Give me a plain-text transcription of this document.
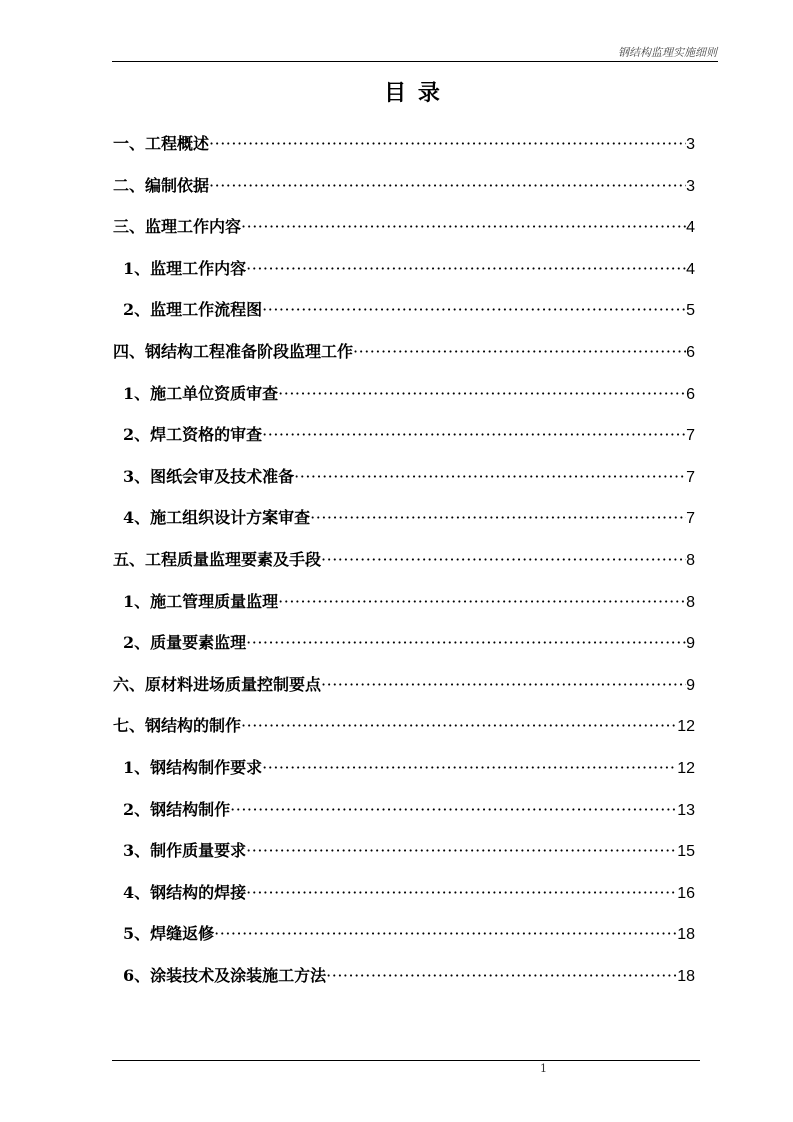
钢结构监理实施细则
目 录
一、工程概述 ·····	3
二、编制依据 ·····	3
三、监理工作内容 ·····	4
1、监理工作内容 ·····	4
2、监理工作流程图 ·····	5
四、钢结构工程准备阶段监理工作 ·····	6
1、施工单位资质审查 ·····	6
2、焊工资格的审查 ·····	7
3、图纸会审及技术准备 ·····	7
4、施工组织设计方案审查 ·····	7
五、工程质量监理要素及手段 ·····	8
1、施工管理质量监理 ·····	8
2、质量要素监理 ·····	9
六、原材料进场质量控制要点 ·····	9
七、钢结构的制作 ·····	12
1、钢结构制作要求 ·····	12
2、钢结构制作 ·····	13
3、制作质量要求 ·····	15
4、钢结构的焊接 ·····	16
5、焊缝返修 ·····	18
6、涂装技术及涂装施工方法 ·····	18
1
